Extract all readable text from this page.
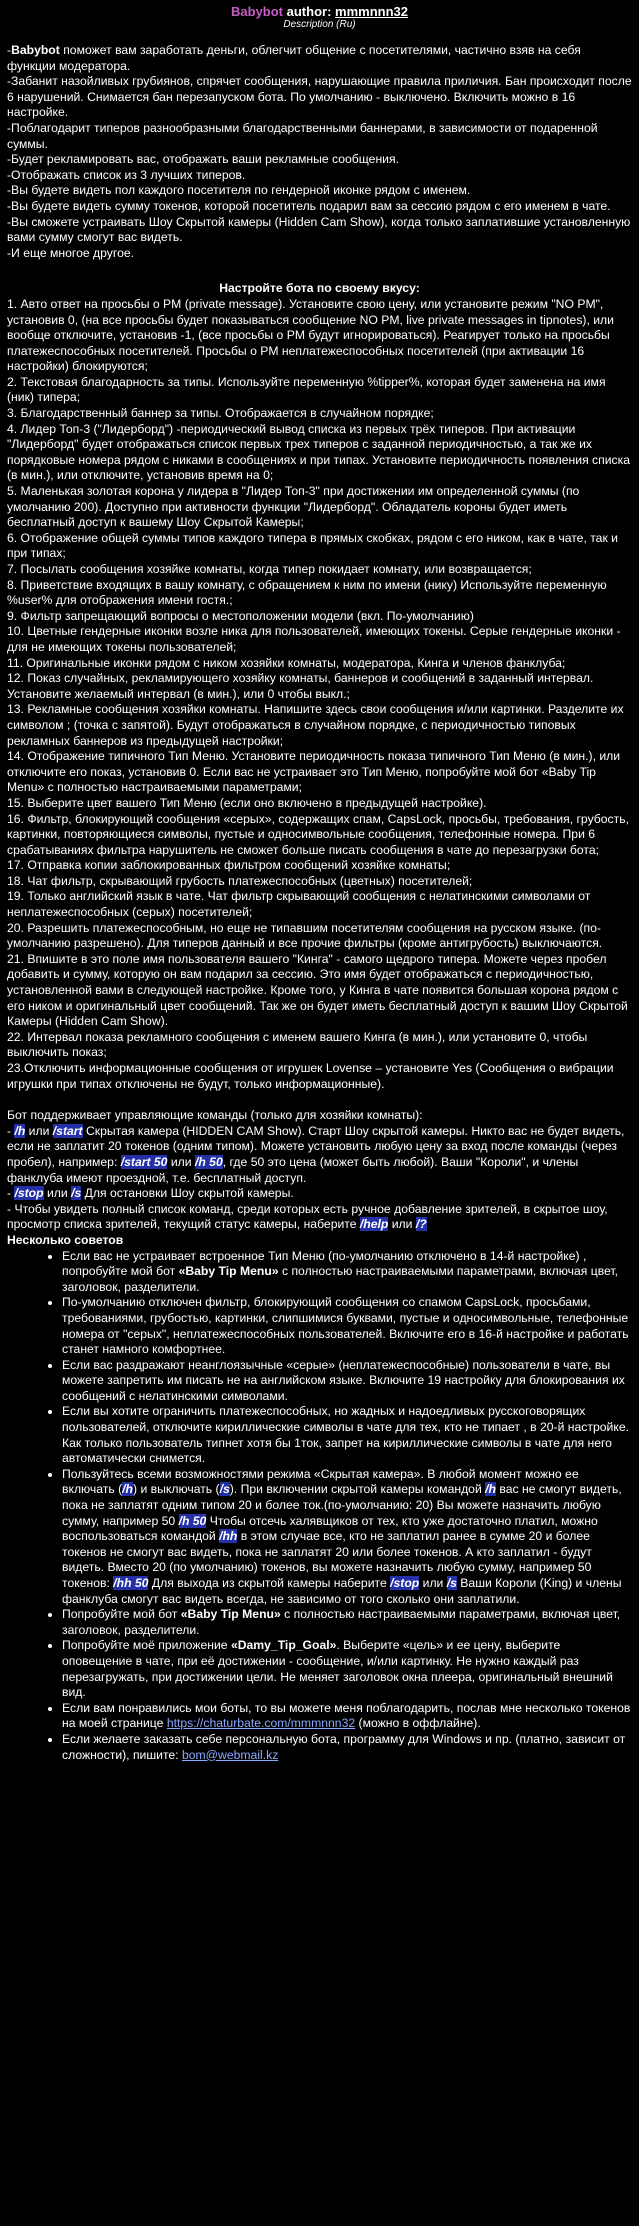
Babybot author: mmmnnn32
Description (Ru)

-Babybot поможет вам заработать деньги, облегчит общение с посетителями, частично взяв на себя функции модератора.

-Забанит назойливых грубиянов, спрячет сообщения, нарушающие правила приличия. Бан происходит после 6 нарушений. Снимается бан перезапуском бота. По умолчанию - выключено. Включить можно в 16 настройке.

-Поблагодарит типеров разнообразными благодарственными баннерами, в зависимости от подаренной суммы.

-Будет рекламировать вас, отображать ваши рекламные сообщения.

-Отображать список из 3 лучших типеров.

-Вы будете видеть пол каждого посетителя по гендерной иконке рядом с именем.

-Вы будете видеть сумму токенов, которой посетитель подарил вам за сессию рядом с его именем в чате.

-Вы сможете устраивать Шоу Скрытой камеры (Hidden Cam Show), когда только заплатившие установленную вами сумму смогут вас видеть.

-И еще многое другое.

Настройте бота по своему вкусу:

1. Авто ответ на просьбы о PM (private message). Установите свою цену, или установите режим "NO PM", установив 0, (на все просьбы будет показываться сообщение NO PM, live private messages in tipnotes), или вообще отключите, установив -1, (все просьбы о PM будут игнорироваться). Реагирует только на просьбы платежеспособных посетителей. Просьбы о PM неплатежеспособных посетителей (при активации 16 настройки) блокируются;

2. Текстовая благодарность за типы. Используйте переменную %tipper%, которая будет заменена на имя (ник) типера;

3. Благодарственный баннер за типы. Отображается в случайном порядке;

4. Лидер Топ-3 ("Лидерборд") -периодический вывод списка из первых трёх типеров. При активации "Лидерборд" будет отображаться список первых трех типеров с заданной периодичностью, а так же их порядковые номера рядом с никами в сообщениях и при типах. Установите периодичность появления списка (в мин.), или отключите, установив время на 0;

5. Маленькая золотая корона у лидера в "Лидер Топ-3" при достижении им определенной суммы (по умолчанию 200). Доступно при активности функции "Лидерборд". Обладатель короны будет иметь бесплатный доступ к вашему Шоу Скрытой Камеры;

6. Отображение общей суммы типов каждого типера в прямых скобках, рядом с его ником, как в чате, так и при типах;

7. Посылать сообщения хозяйке комнаты, когда типер покидает комнату, или возвращается;

8. Приветствие входящих в вашу комнату, с обращением к ним по имени (нику) Используйте переменную %user% для отображения имени гостя.;

9. Фильтр запрещающий вопросы о местоположении модели (вкл. По-умолчанию)

10. Цветные гендерные иконки возле ника для пользователей, имеющих токены. Серые гендерные иконки - для не имеющих токены пользователей;

11. Оригинальные иконки рядом с ником хозяйки комнаты, модератора, Кинга и членов фанклуба;

12. Показ случайных, рекламирующего хозяйку комнаты, баннеров и сообщений в заданный интервал. Установите желаемый интервал (в мин.), или 0 чтобы выкл.;

13. Рекламные сообщения хозяйки комнаты. Напишите здесь свои сообщения и/или картинки. Разделите их символом ; (точка с запятой). Будут отображаться в случайном порядке, с периодичностью типовых рекламных баннеров из предыдущей настройки;

14. Отображение типичного Тип Меню. Установите периодичность показа типичного Тип Меню (в мин.), или отключите его показ, установив 0. Если вас не устраивает это Тип Меню, попробуйте мой бот «Baby Tip Menu» с полностью настраиваемыми параметрами;

15. Выберите цвет вашего Тип Меню (если оно включено в предыдущей настройке).

16. Фильтр, блокирующий сообщения «серых», содержащих спам, CapsLock, просьбы, требования, грубость, картинки, повторяющиеся символы, пустые и односимвольные сообщения, телефонные номера. При 6 срабатываниях фильтра нарушитель не сможет больше писать сообщения в чате до перезагрузки бота;

17. Отправка копии заблокированных фильтром сообщений хозяйке комнаты;

18. Чат фильтр, скрывающий грубость платежеспособных (цветных) посетителей;

19. Только английский язык в чате. Чат фильтр скрывающий сообщения с нелатинскими символами от неплатежеспособных (серых) посетителей;

20. Разрешить платежеспособным, но еще не типавшим посетителям сообщения на русском языке. (по-умолчанию разрешено). Для типеров данный и все прочие фильтры (кроме антигрубость) выключаются.

21. Впишите в это поле имя пользователя вашего "Кинга" - самого щедрого типера. Можете через пробел добавить и сумму, которую он вам подарил за сессию. Это имя будет отображаться с периодичностью, установленной вами в следующей настройке. Кроме того, у Кинга в чате появится большая корона рядом с его ником и оригинальный цвет сообщений. Так же он будет иметь бесплатный доступ к вашим Шоу Скрытой Камеры (Hidden Cam Show).

22. Интервал показа рекламного сообщения с именем вашего Кинга (в мин.), или установите 0, чтобы выключить показ;

23.Отключить информационные сообщения от игрушек Lovense – установите Yes (Сообщения о вибрации игрушки при типах отключены не будут, только информационные).

Бот поддерживает управляющие команды (только для хозяйки комнаты):

- /h или /start Скрытая камера (HIDDEN CAM Show). Старт Шоу скрытой камеры. Никто вас не будет видеть, если не заплатит 20 токенов (одним типом). Можете установить любую цену за вход после команды (через пробел), например: /start 50 или /h 50, где 50 это цена (может быть любой). Ваши "Короли", и члены фанклуба имеют проездной, т.е. бесплатный доступ.

- /stop или /s Для остановки Шоу скрытой камеры.

- Чтобы увидеть полный список команд, среди которых есть ручное добавление зрителей, в скрытое шоу, просмотр списка зрителей, текущий статус камеры, наберите /help или /?

Несколько советов

• Если вас не устраивает встроенное Тип Меню (по-умолчанию отключено в 14-й настройке) , попробуйте мой бот «Baby Tip Menu» с полностью настраиваемыми параметрами, включая цвет, заголовок, разделители.
• По-умолчанию отключен фильтр, блокирующий сообщения со спамом CapsLock, просьбами, требованиями, грубостью, картинки, слипшимися буквами, пустые и односимвольные, телефонные номера от "серых", неплатежеспособных пользователей. Включите его в 16-й настройке и работать станет намного комфортнее.
• Если вас раздражают неанглоязычные «серые» (неплатежеспособные) пользователи в чате, вы можете запретить им писать не на английском языке. Включите 19 настройку для блокирования их сообщений с нелатинскими символами.
• Если вы хотите ограничить платежеспособных, но жадных и надоедливых русскоговорящих пользователей, отключите кириллические символы в чате для тех, кто не типает , в 20-й настройке. Как только пользователь типнет хотя бы 1ток, запрет на кириллические символы в чате для него автоматически снимется.
• Пользуйтесь всеми возможностями режима «Скрытая камера». В любой момент можно ее включать (/h) и выключать (/s). При включении скрытой камеры командой /h вас не смогут видеть, пока не заплатят одним типом 20 и более ток.(по-умолчанию: 20) Вы можете назначить любую сумму, например 50 /h 50 Чтобы отсечь халявщиков от тех, кто уже достаточно платил, можно воспользоваться командой /hh в этом случае все, кто не заплатил ранее в сумме 20 и более токенов не смогут вас видеть, пока не заплатят 20 или более токенов. А кто заплатил - будут видеть. Вместо 20 (по умолчанию) токенов, вы можете назначить любую сумму, например 50 токенов: /hh 50 Для выхода из скрытой камеры наберите /stop или /s Ваши Короли (King) и члены фанклуба смогут вас видеть всегда, не зависимо от того сколько они заплатили.
• Попробуйте мой бот «Baby Tip Menu» с полностью настраиваемыми параметрами, включая цвет, заголовок, разделители.
• Попробуйте моё приложение «Damy_Tip_Goal». Выберите «цель» и ее цену, выберите оповещение в чате, при её достижении - сообщение, и/или картинку. Не нужно каждый раз перезагружать, при достижении цели. Не меняет заголовок окна плеера, оригинальный внешний вид.
• Если вам понравились мои боты, то вы можете меня поблагодарить, послав мне несколько токенов на моей странице https://chaturbate.com/mmmnnn32 (можно в оффлайне).
• Если желаете заказать себе персональную бота, программу для Windows и пр. (платно, зависит от сложности), пишите: bom@webmail.kz
